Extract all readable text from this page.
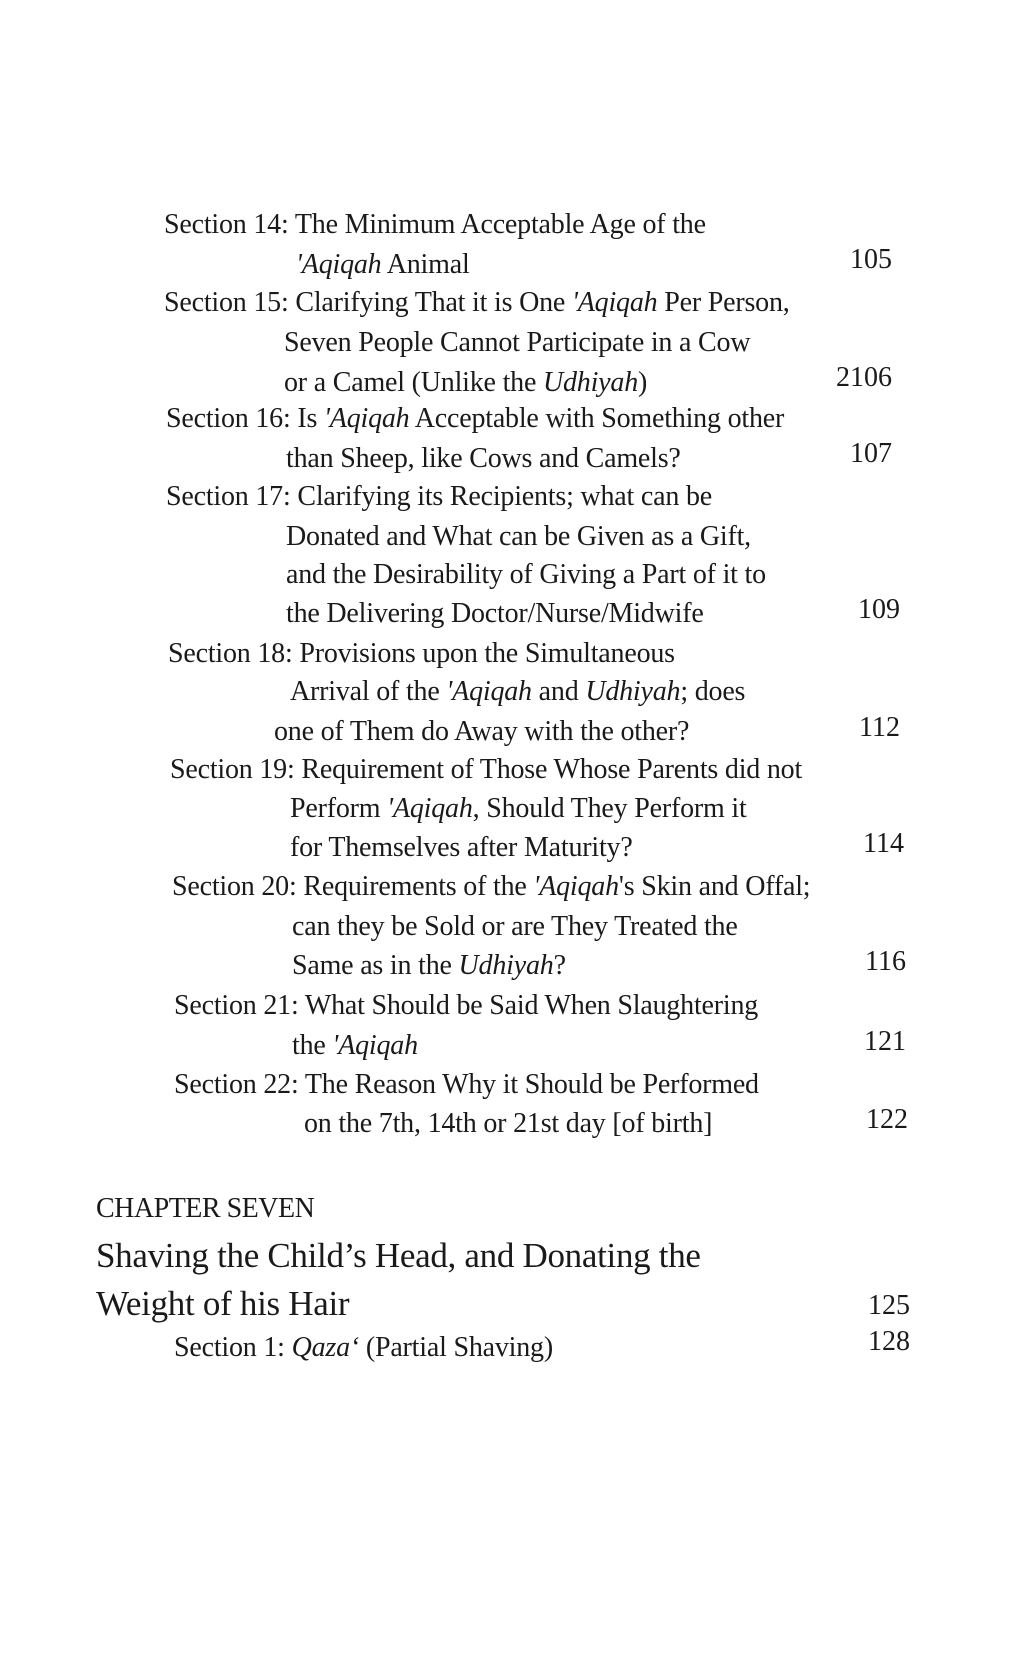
Section 14: The Minimum Acceptable Age of the
'Aqiqah Animal	105
Section 15: Clarifying That it is One 'Aqiqah Per Person,
Seven People Cannot Participate in a Cow
or a Camel (Unlike the Udhiyah)	2106
Section 16: Is 'Aqiqah Acceptable with Something other
than Sheep, like Cows and Camels?	107
Section 17: Clarifying its Recipients; what can be
Donated and What can be Given as a Gift,
and the Desirability of Giving a Part of it to
the Delivering Doctor/Nurse/Midwife	109
Section 18: Provisions upon the Simultaneous
Arrival of the 'Aqiqah and Udhiyah; does
one of Them do Away with the other?	112
Section 19: Requirement of Those Whose Parents did not
Perform 'Aqiqah, Should They Perform it
for Themselves after Maturity?	114
Section 20: Requirements of the 'Aqiqah's Skin and Offal;
can they be Sold or are They Treated the
Same as in the Udhiyah?	116
Section 21: What Should be Said When Slaughtering
the 'Aqiqah	121
Section 22: The Reason Why it Should be Performed
on the 7th, 14th or 21st day [of birth]	122
CHAPTER SEVEN
Shaving the Child’s Head, and Donating the
Weight of his Hair	125
Section 1: Qaza‘ (Partial Shaving)	128
